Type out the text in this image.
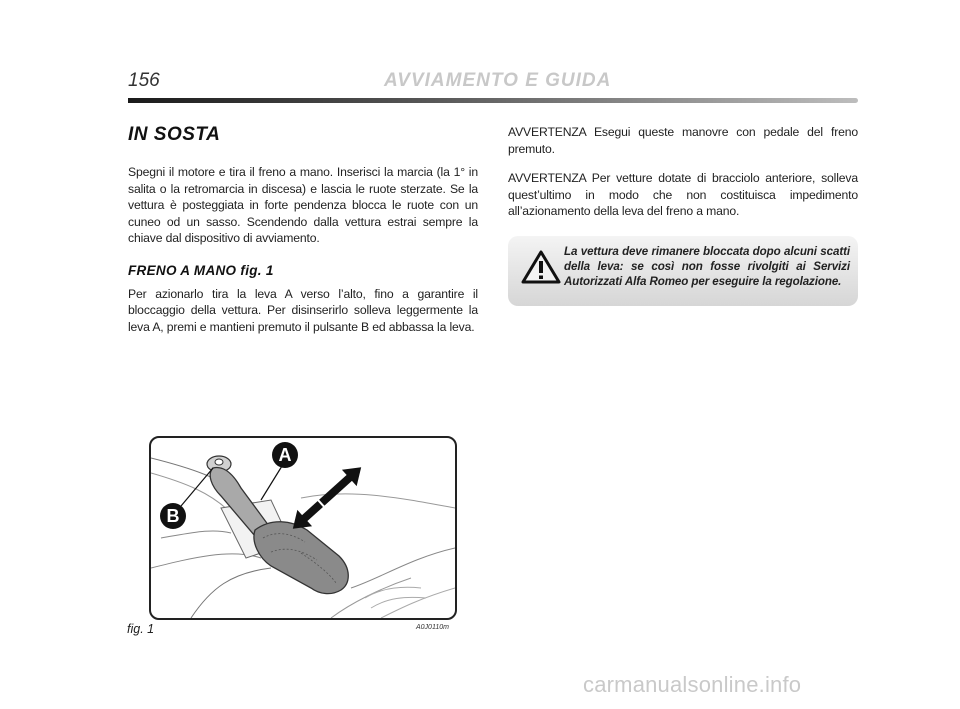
156	AVVIAMENTO E GUIDA
IN SOSTA

Spegni il motore e tira il freno a mano. Inserisci la marcia (la 1° in salita o la retromarcia in discesa) e lascia le ruote sterzate. Se la vettura è posteggiata in forte pendenza blocca le ruote con un cuneo od un sasso. Scendendo dalla vettura estrai sempre la chiave dal dispositivo di avviamento.

FRENO A MANO fig. 1

Per azionarlo tira la leva A verso l’alto, fino a garantire il bloccaggio della vettura. Per disinserirlo solleva leggermente la leva A, premi e mantieni premuto il pulsante B ed abbassa la leva.

AVVERTENZA Esegui queste manovre con pedale del freno premuto.

AVVERTENZA Per vetture dotate di bracciolo anteriore, solleva quest’ultimo in modo che non costituisca impedimento all’azionamento della leva del freno a mano.

La vettura deve rimanere bloccata dopo alcuni scatti della leva: se così non fosse rivolgiti ai Servizi Autorizzati Alfa Romeo per eseguire la regolazione.
A
B
fig. 1	A0J0110m
carmanualsonline.info
